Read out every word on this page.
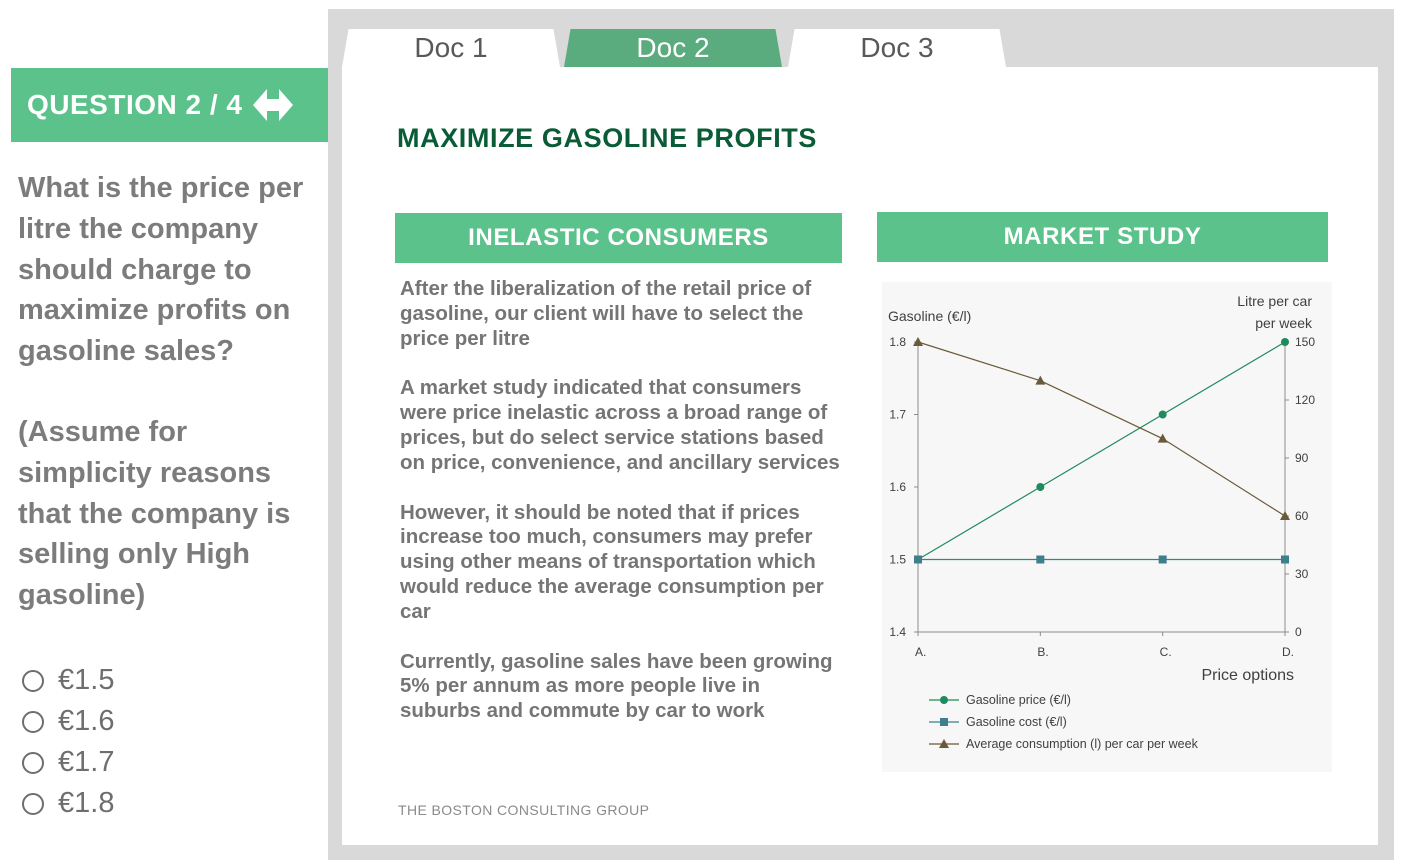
QUESTION 2 / 4

What is the price per litre the company should charge to maximize profits on gasoline sales?

(Assume for simplicity reasons that the company is selling only High gasoline)

€1.5
€1.6
€1.7
€1.8
Doc 1	Doc 2	Doc 3
MAXIMIZE GASOLINE PROFITS
INELASTIC CONSUMERS	MARKET STUDY

After the liberalization of the retail price of gasoline, our client will have to select the price per litre

A market study indicated that consumers were price inelastic across a broad range of prices, but do select service stations based on price, convenience, and ancillary services

However, it should be noted that if prices increase too much, consumers may prefer using other means of transportation which would reduce the average consumption per car

Currently, gasoline sales have been growing 5% per annum as more people live in suburbs and commute by car to work

THE BOSTON CONSULTING GROUP
1.4
1.5
1.6
1.7
1.8
0
30
60
90
120
150
A.	B.	C.	D.
Gasoline (€/l)
Litre per car
per week
Price options
Gasoline price (€/l)
Gasoline cost (€/l)
Average consumption (l) per car per week
